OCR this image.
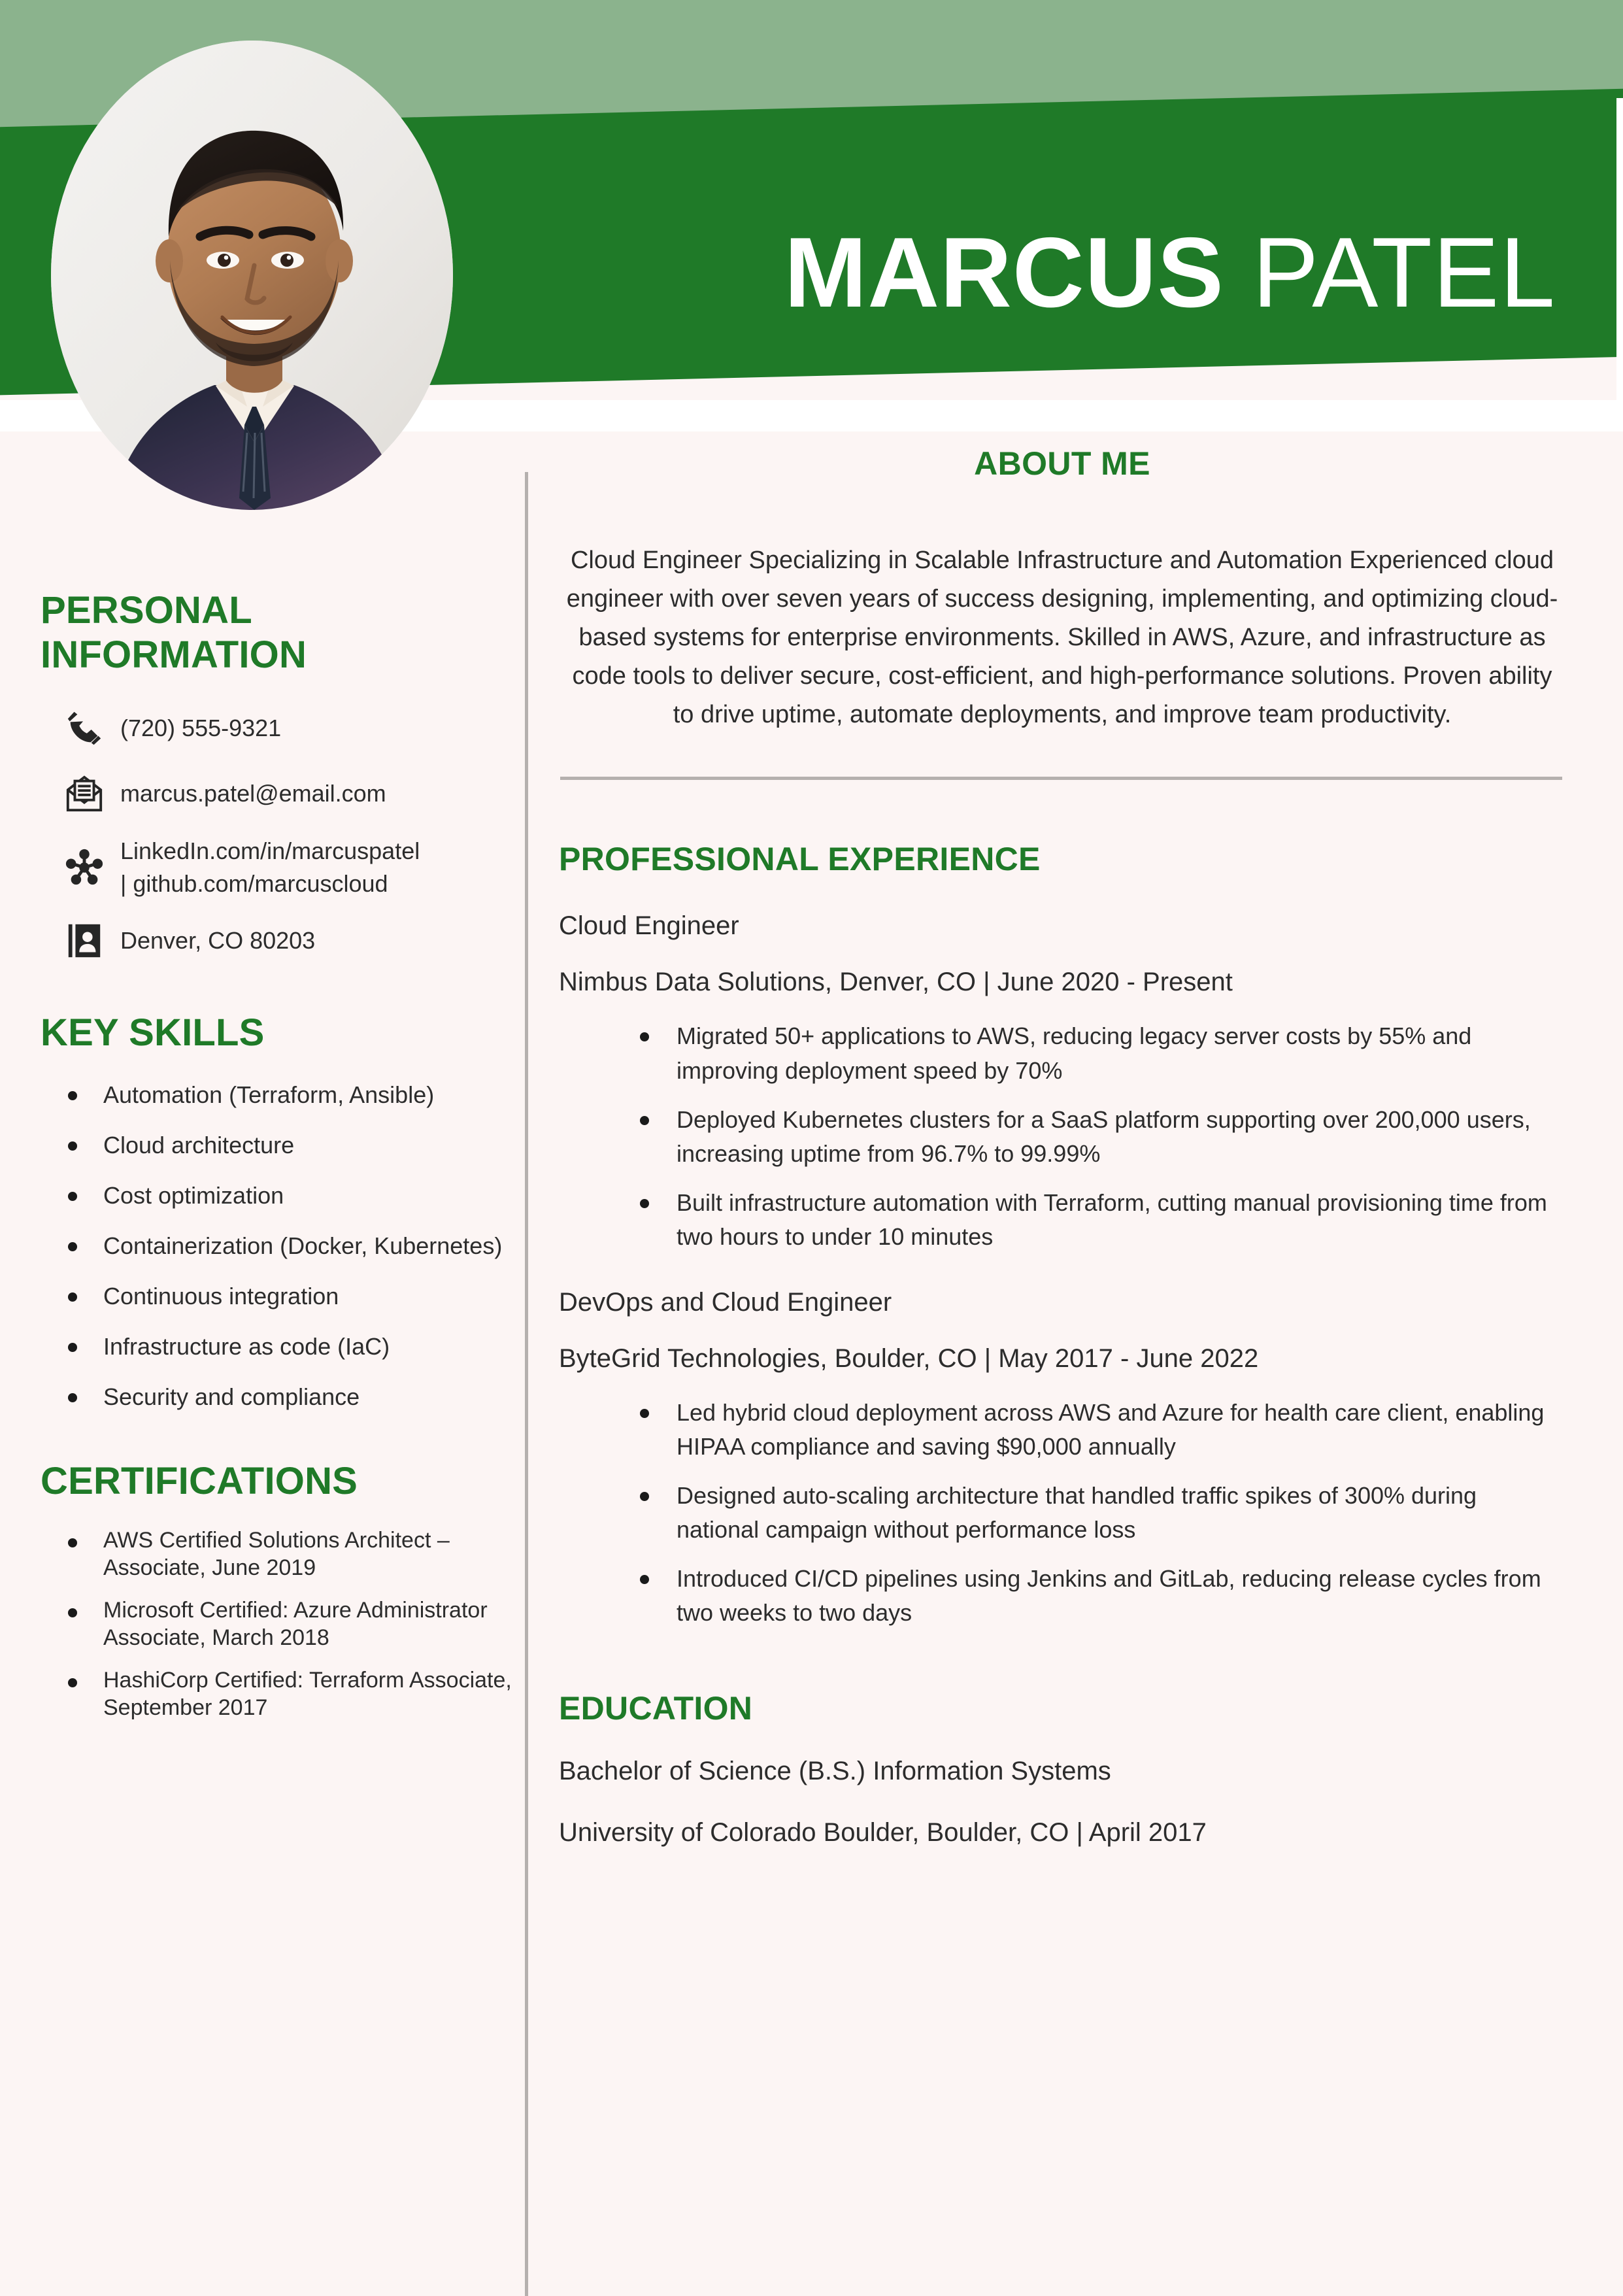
MARCUS PATEL
PERSONAL
INFORMATION
(720) 555-9321
marcus.patel@email.com
LinkedIn.com/in/marcuspatel
| github.com/marcuscloud
Denver, CO 80203
KEY SKILLS
Automation (Terraform, Ansible)
Cloud architecture
Cost optimization
Containerization (Docker, Kubernetes)
Continuous integration
Infrastructure as code (IaC)
Security and compliance
CERTIFICATIONS
AWS Certified Solutions Architect – Associate, June 2019
Microsoft Certified: Azure Administrator Associate, March 2018
HashiCorp Certified: Terraform Associate, September 2017
ABOUT ME
Cloud Engineer Specializing in Scalable Infrastructure and Automation Experienced cloud engineer with over seven years of success designing, implementing, and optimizing cloud-based systems for enterprise environments. Skilled in AWS, Azure, and infrastructure as code tools to deliver secure, cost-efficient, and high-performance solutions. Proven ability to drive uptime, automate deployments, and improve team productivity.
PROFESSIONAL EXPERIENCE
Cloud Engineer
Nimbus Data Solutions, Denver, CO | June 2020 - Present
Migrated 50+ applications to AWS, reducing legacy server costs by 55% and improving deployment speed by 70%
Deployed Kubernetes clusters for a SaaS platform supporting over 200,000 users, increasing uptime from 96.7% to 99.99%
Built infrastructure automation with Terraform, cutting manual provisioning time from two hours to under 10 minutes
DevOps and Cloud Engineer
ByteGrid Technologies, Boulder, CO | May 2017 - June 2022
Led hybrid cloud deployment across AWS and Azure for health care client, enabling HIPAA compliance and saving $90,000 annually
Designed auto-scaling architecture that handled traffic spikes of 300% during national campaign without performance loss
Introduced CI/CD pipelines using Jenkins and GitLab, reducing release cycles from two weeks to two days
EDUCATION
Bachelor of Science (B.S.) Information Systems
University of Colorado Boulder, Boulder, CO | April 2017
